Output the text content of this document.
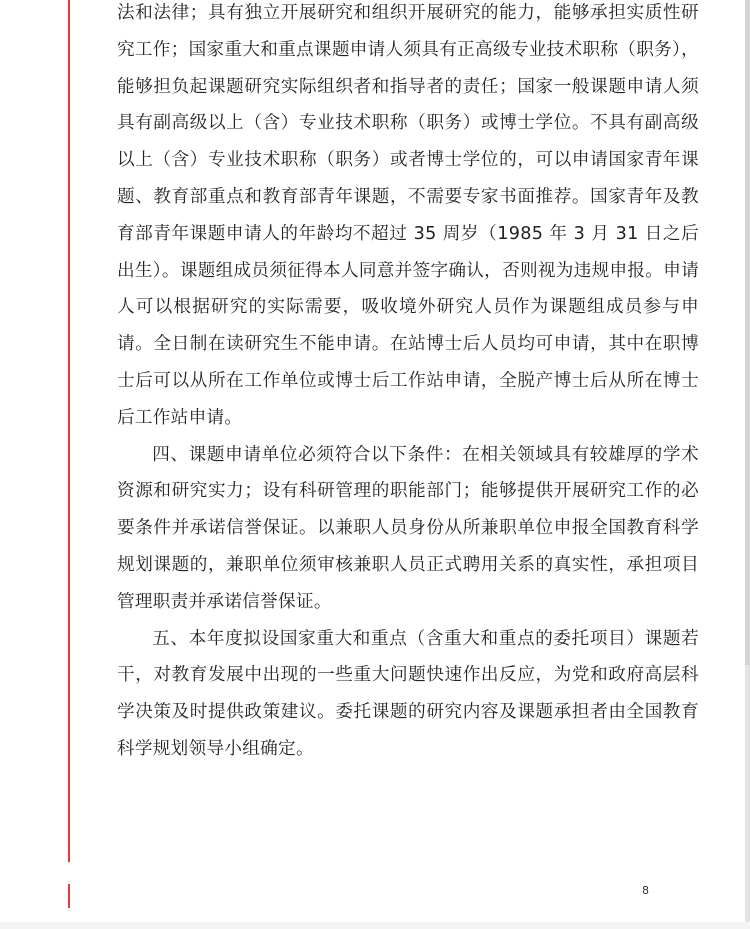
法和法律；具有独立开展研究和组织开展研究的能力，能够承担实质性研究工作；国家重大和重点课题申请人须具有正高级专业技术职称（职务），能够担负起课题研究实际组织者和指导者的责任；国家一般课题申请人须具有副高级以上（含）专业技术职称（职务）或博士学位。不具有副高级以上（含）专业技术职称（职务）或者博士学位的，可以申请国家青年课题、教育部重点和教育部青年课题，不需要专家书面推荐。国家青年及教育部青年课题申请人的年龄均不超过 35 周岁（1985 年 3 月 31 日之后出生）。课题组成员须征得本人同意并签字确认，否则视为违规申报。申请人可以根据研究的实际需要，吸收境外研究人员作为课题组成员参与申请。全日制在读研究生不能申请。在站博士后人员均可申请，其中在职博士后可以从所在工作单位或博士后工作站申请，全脱产博士后从所在博士后工作站申请。

四、课题申请单位必须符合以下条件：在相关领域具有较雄厚的学术资源和研究实力；设有科研管理的职能部门；能够提供开展研究工作的必要条件并承诺信誉保证。以兼职人员身份从所兼职单位申报全国教育科学规划课题的，兼职单位须审核兼职人员正式聘用关系的真实性，承担项目管理职责并承诺信誉保证。

五、本年度拟设国家重大和重点（含重大和重点的委托项目）课题若干，对教育发展中出现的一些重大问题快速作出反应，为党和政府高层科学决策及时提供政策建议。委托课题的研究内容及课题承担者由全国教育科学规划领导小组确定。

8
